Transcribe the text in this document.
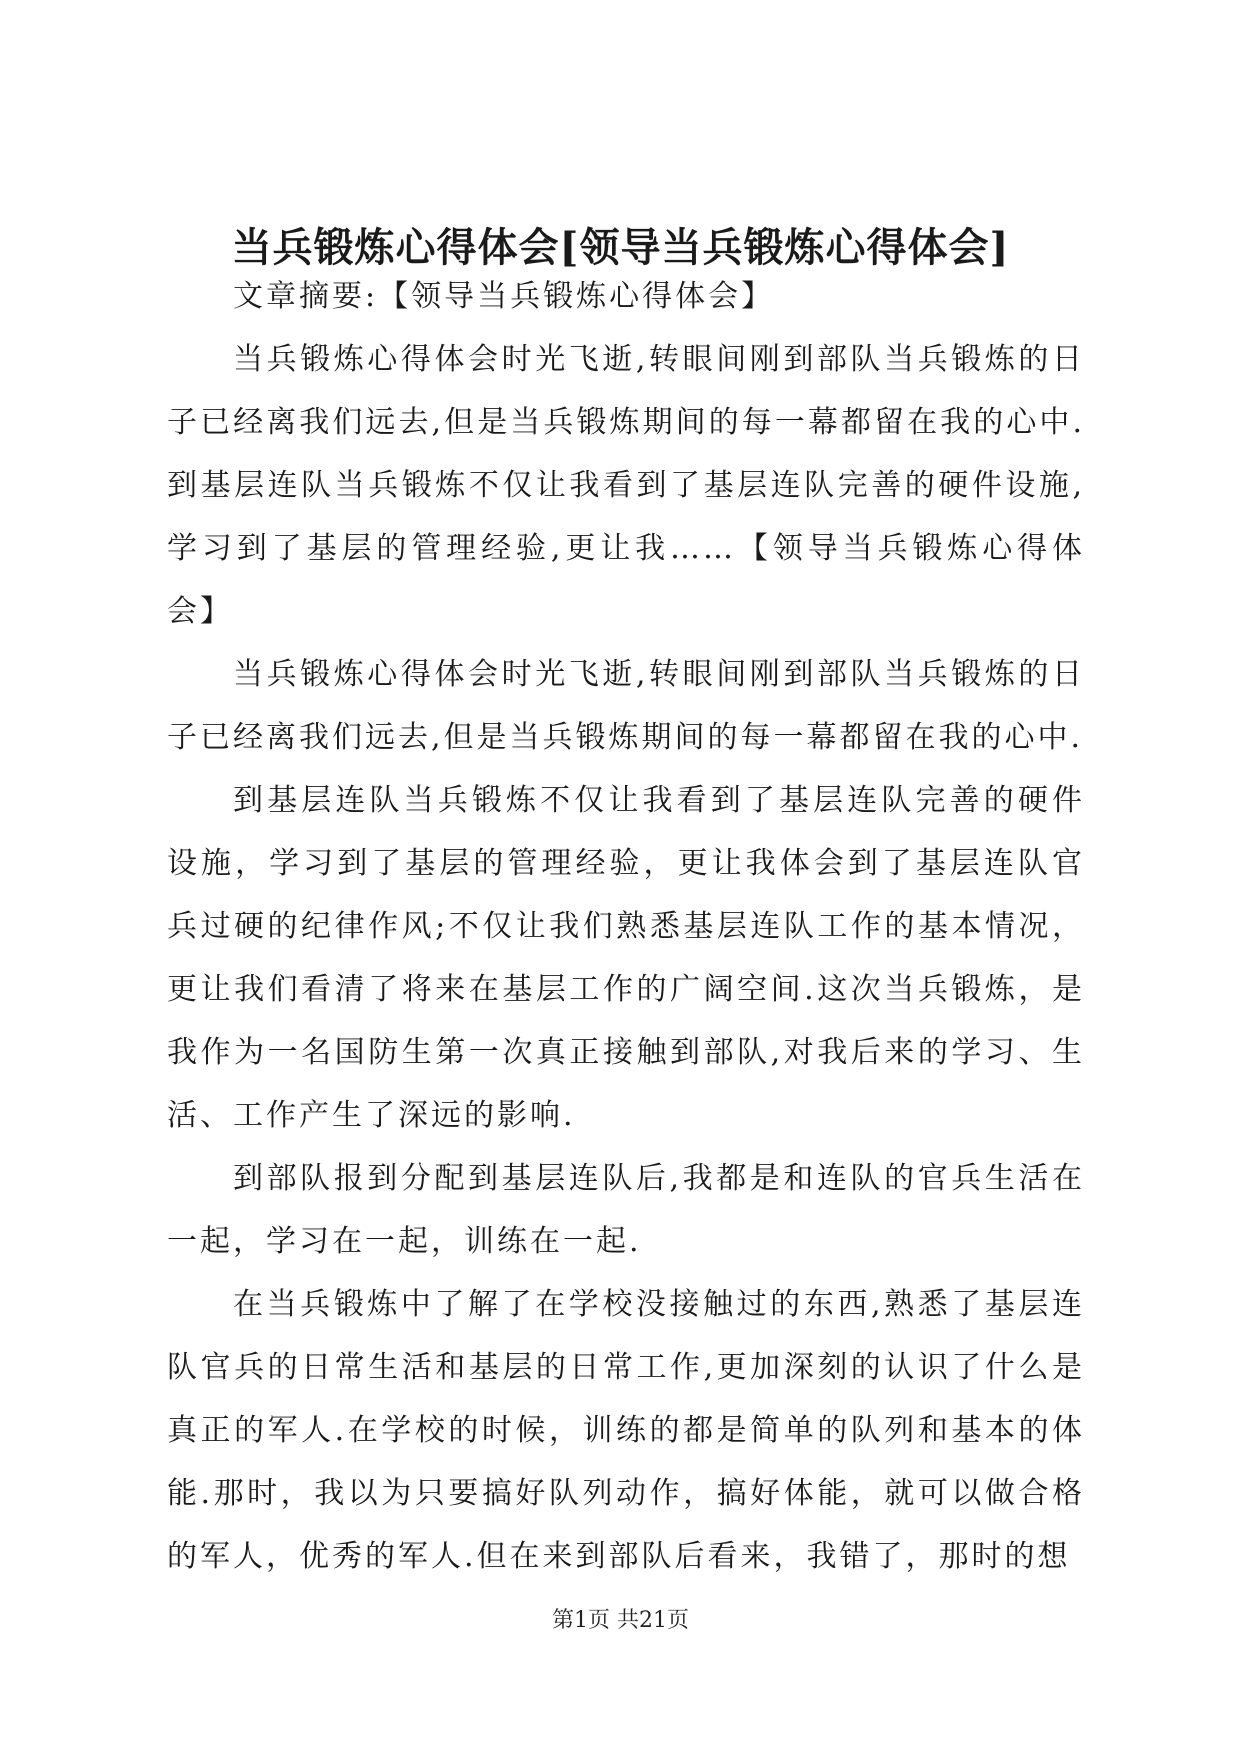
当兵锻炼心得体会[领导当兵锻炼心得体会]

文章摘要:【领导当兵锻炼心得体会】

当兵锻炼心得体会时光飞逝,转眼间刚到部队当兵锻炼的日子已经离我们远去,但是当兵锻炼期间的每一幕都留在我的心中.到基层连队当兵锻炼不仅让我看到了基层连队完善的硬件设施,学习到了基层的管理经验,更让我……【领导当兵锻炼心得体会】

当兵锻炼心得体会时光飞逝,转眼间刚到部队当兵锻炼的日子已经离我们远去,但是当兵锻炼期间的每一幕都留在我的心中.

到基层连队当兵锻炼不仅让我看到了基层连队完善的硬件设施，学习到了基层的管理经验，更让我体会到了基层连队官兵过硬的纪律作风;不仅让我们熟悉基层连队工作的基本情况，更让我们看清了将来在基层工作的广阔空间.这次当兵锻炼，是我作为一名国防生第一次真正接触到部队,对我后来的学习、生活、工作产生了深远的影响.

到部队报到分配到基层连队后,我都是和连队的官兵生活在一起，学习在一起，训练在一起.

在当兵锻炼中了解了在学校没接触过的东西,熟悉了基层连队官兵的日常生活和基层的日常工作,更加深刻的认识了什么是真正的军人.在学校的时候，训练的都是简单的队列和基本的体能.那时，我以为只要搞好队列动作，搞好体能，就可以做合格的军人，优秀的军人.但在来到部队后看来，我错了，那时的想

第1页 共21页
